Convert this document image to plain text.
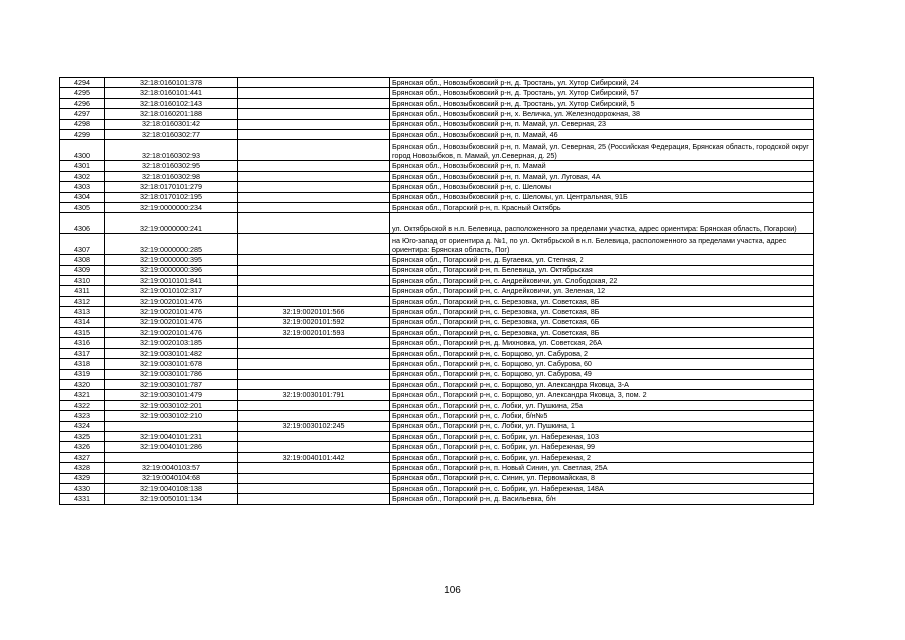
4294	32:18:0160101:378		Брянская обл., Новозыбковский р-н, д. Тростань, ул. Хутор Сибирский, 24
4295	32:18:0160101:441		Брянская обл., Новозыбковский р-н, д. Тростань, ул. Хутор Сибирский, 57
4296	32:18:0160102:143		Брянская обл., Новозыбковский р-н, д. Тростань, ул. Хутор Сибирский, 5
4297	32:18:0160201:188		Брянская обл., Новозыбковский р-н, х. Величка, ул. Железнодорожная, 38
4298	32:18:0160301:42		Брянская обл., Новозыбковский р-н, п. Мамай, ул. Северная, 23
4299	32:18:0160302:77		Брянская обл., Новозыбковский р-н, п. Мамай, 46
4300	32:18:0160302:93		Брянская обл., Новозыбковский р-н, п. Мамай, ул. Северная, 25 (Российская Федерация, Брянская область, городской округ город Новозыбков, п. Мамай, ул.Северная, д. 25)
4301	32:18:0160302:95		Брянская обл., Новозыбковский р-н, п. Мамай
4302	32:18:0160302:98		Брянская обл., Новозыбковский р-н, п. Мамай, ул. Луговая, 4А
4303	32:18:0170101:279		Брянская обл., Новозыбковский р-н, с. Шеломы
4304	32:18:0170102:195		Брянская обл., Новозыбковский р-н, с. Шеломы, ул. Центральная, 91Б
4305	32:19:0000000:234		Брянская обл., Погарский р-н, п. Красный Октябрь
4306	32:19:0000000:241		ул. Октябрьской в н.п. Белевица, расположенного за пределами участка, адрес ориентира: Брянская область, Погарски)
4307	32:19:0000000:285		на Юго-запад от ориентира д. №1, по ул. Октябрьской в н.п. Белевица, расположенного за пределами участка, адрес ориентира: Брянская область, Пог)
4308	32:19:0000000:395		Брянская обл., Погарский р-н, д. Бугаевка, ул. Степная, 2
4309	32:19:0000000:396		Брянская обл., Погарский р-н, п. Белевица, ул. Октябрьская
4310	32:19:0010101:841		Брянская обл., Погарский р-н, с. Андрейковичи, ул. Слободская, 22
4311	32:19:0010102:317		Брянская обл., Погарский р-н, с. Андрейковичи, ул. Зеленая, 12
4312	32:19:0020101:476		Брянская обл., Погарский р-н, с. Березовка, ул. Советская, 8Б
4313	32:19:0020101:476	32:19:0020101:566	Брянская обл., Погарский р-н, с. Березовка, ул. Советская, 8Б
4314	32:19:0020101:476	32:19:0020101:592	Брянская обл., Погарский р-н, с. Березовка, ул. Советская, 6Б
4315	32:19:0020101:476	32:19:0020101:593	Брянская обл., Погарский р-н, с. Березовка, ул. Советская, 8Б
4316	32:19:0020103:185		Брянская обл., Погарский р-н, д. Михновка, ул. Советская, 26А
4317	32:19:0030101:482		Брянская обл., Погарский р-н, с. Борщово, ул. Сабурова, 2
4318	32:19:0030101:678		Брянская обл., Погарский р-н, с. Борщово, ул. Сабурова, 60
4319	32:19:0030101:786		Брянская обл., Погарский р-н, с. Борщово, ул. Сабурова, 49
4320	32:19:0030101:787		Брянская обл., Погарский р-н, с. Борщово, ул. Александра Яковца, 3-А
4321	32:19:0030101:479	32:19:0030101:791	Брянская обл., Погарский р-н, с. Борщово, ул. Александра Яковца, 3, пом. 2
4322	32:19:0030102:201		Брянская обл., Погарский р-н, с. Лобки, ул. Пушкина, 25а
4323	32:19:0030102:210		Брянская обл., Погарский р-н, с. Лобки, б/н№5
4324		32:19:0030102:245	Брянская обл., Погарский р-н, с. Лобки, ул. Пушкина, 1
4325	32:19:0040101:231		Брянская обл., Погарский р-н, с. Бобрик, ул. Набережная, 103
4326	32:19:0040101:286		Брянская обл., Погарский р-н, с. Бобрик, ул. Набережная, 99
4327		32:19:0040101:442	Брянская обл., Погарский р-н, с. Бобрик, ул. Набережная, 2
4328	32:19:0040103:57		Брянская обл., Погарский р-н, п. Новый Синин, ул. Светлая, 25А
4329	32:19:0040104:68		Брянская обл., Погарский р-н, с. Синин, ул. Первомайская, 8
4330	32:19:0040108:138		Брянская обл., Погарский р-н, с. Бобрик, ул. Набережная, 148А
4331	32:19:0050101:134		Брянская обл., Погарский р-н, д. Васильевка, б/н
106
